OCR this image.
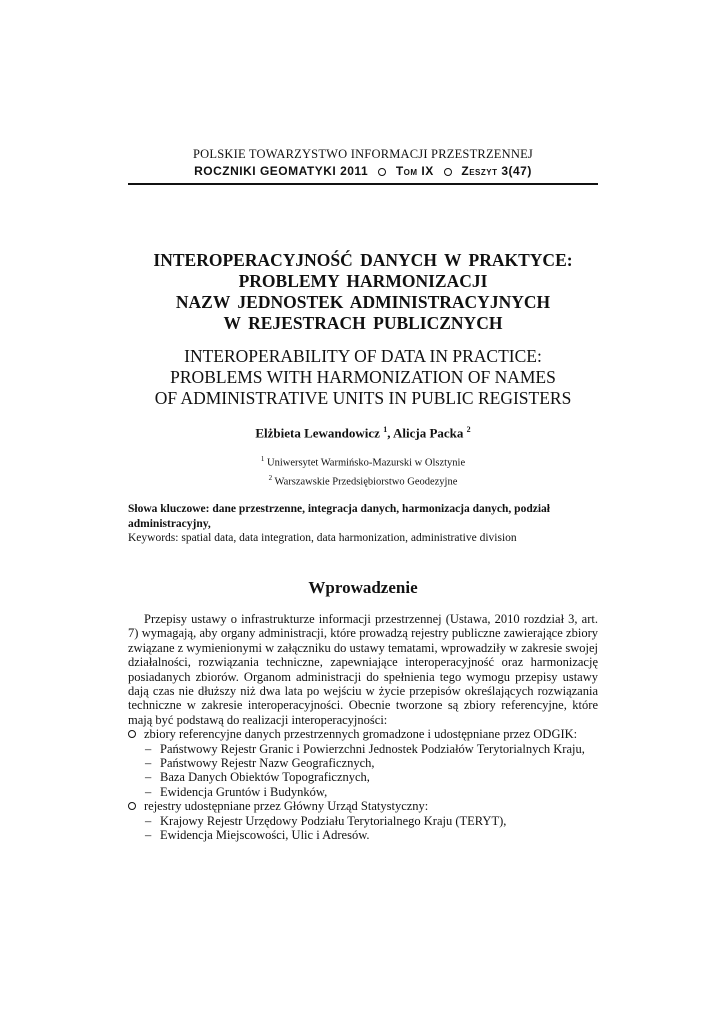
POLSKIE TOWARZYSTWO INFORMACJI PRZESTRZENNEJ
ROCZNIKI GEOMATYKI 2011 Tom IX Zeszyt 3(47)
INTEROPERACYJNOŚĆ DANYCH W PRAKTYCE:
PROBLEMY HARMONIZACJI
NAZW JEDNOSTEK ADMINISTRACYJNYCH
W REJESTRACH PUBLICZNYCH
INTEROPERABILITY OF DATA IN PRACTICE:
PROBLEMS WITH HARMONIZATION OF NAMES
OF ADMINISTRATIVE UNITS IN PUBLIC REGISTERS
Elżbieta Lewandowicz $^1$, Alicja Packa $^2$
$^1$ Uniwersytet Warmińsko-Mazurski w Olsztynie
$^2$ Warszawskie Przedsiębiorstwo Geodezyjne
Słowa kluczowe: dane przestrzenne, integracja danych, harmonizacja danych, podział administracyjny,
Keywords: spatial data, data integration, data harmonization, administrative division
Wprowadzenie

Przepisy ustawy o infrastrukturze informacji przestrzennej (Ustawa, 2010 rozdział 3, art. 7) wymagają, aby organy administracji, które prowadzą rejestry publiczne zawierające zbiory związane z wymienionymi w załączniku do ustawy tematami, wprowadziły w zakresie swojej działalności, rozwiązania techniczne, zapewniające interoperacyjność oraz harmonizację posiadanych zbiorów. Organom administracji do spełnienia tego wymogu przepisy ustawy dają czas nie dłuższy niż dwa lata po wejściu w życie przepisów określających rozwiązania techniczne w zakresie interoperacyjności. Obecnie tworzone są zbiory referencyjne, które mają być podstawą do realizacji interoperacyjności:

zbiory referencyjne danych przestrzennych gromadzone i udostępniane przez ODGIK:
– Państwowy Rejestr Granic i Powierzchni Jednostek Podziałów Terytorialnych Kraju,
– Państwowy Rejestr Nazw Geograficznych,
– Baza Danych Obiektów Topograficznych,
– Ewidencja Gruntów i Budynków,
rejestry udostępniane przez Główny Urząd Statystyczny:
– Krajowy Rejestr Urzędowy Podziału Terytorialnego Kraju (TERYT),
– Ewidencja Miejscowości, Ulic i Adresów.
